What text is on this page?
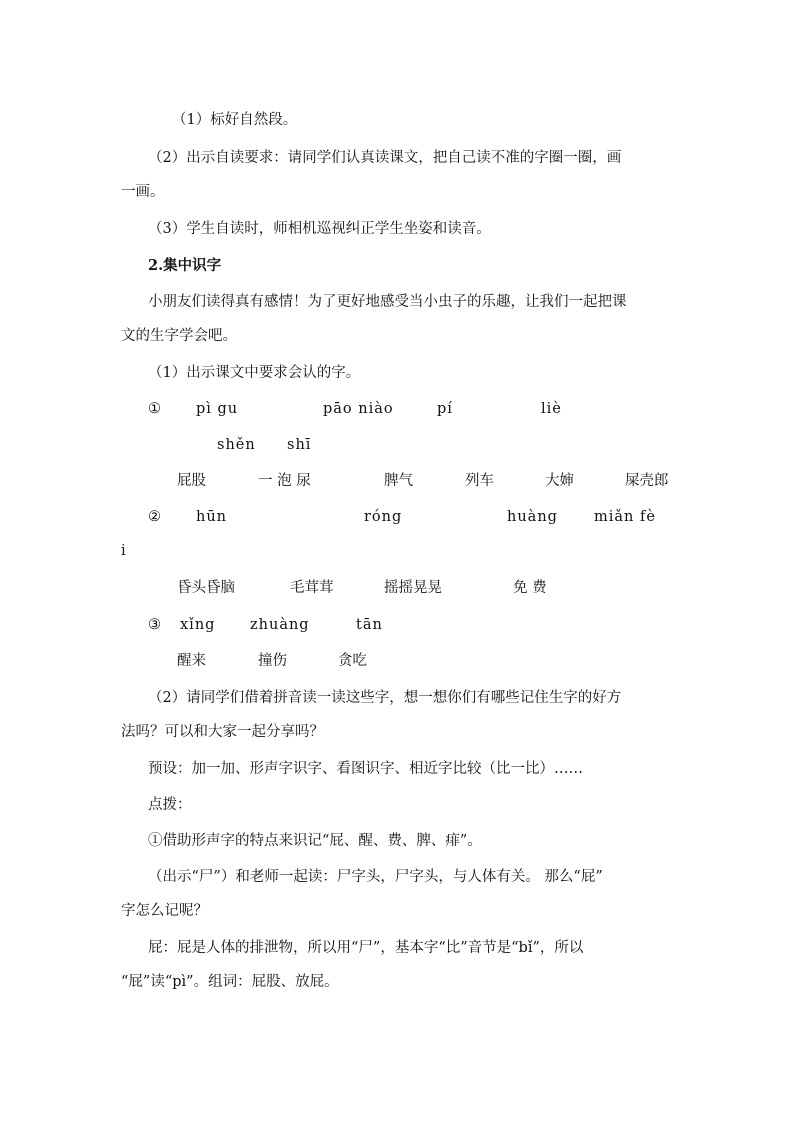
（1）标好自然段。
（2）出示自读要求：请同学们认真读课文，把自己读不准的字圈一圈，画
一画。
（3）学生自读时，师相机巡视纠正学生坐姿和读音。
2.集中识字
小朋友们读得真有感情！为了更好地感受当小虫子的乐趣，让我们一起把课
文的生字学会吧。
（1）出示课文中要求会认的字。
① pì gu	pāo niào	pí	liè
shěn shī
屁股	一 泡 尿	脾气	列车	大婶	屎壳郎
② hūn	róng	huàng miǎn fè
i
昏头昏脑	毛茸茸	摇摇晃晃	免 费
③ xǐng zhuàng	tān
醒来	撞伤	贪吃
（2）请同学们借着拼音读一读这些字，想一想你们有哪些记住生字的好方
法吗？可以和大家一起分享吗？
预设：加一加、形声字识字、看图识字、相近字比较（比一比）……
点拨：
①借助形声字的特点来识记“屁、醒、费、脾、痱”。
（出示“尸”）和老师一起读：尸字头，尸字头，与人体有关。 那么“屁”
字怎么记呢？
屁：屁是人体的排泄物，所以用“尸”，基本字“比”音节是“bǐ”，所以
“屁”读“pì”。组词：屁股、放屁。
